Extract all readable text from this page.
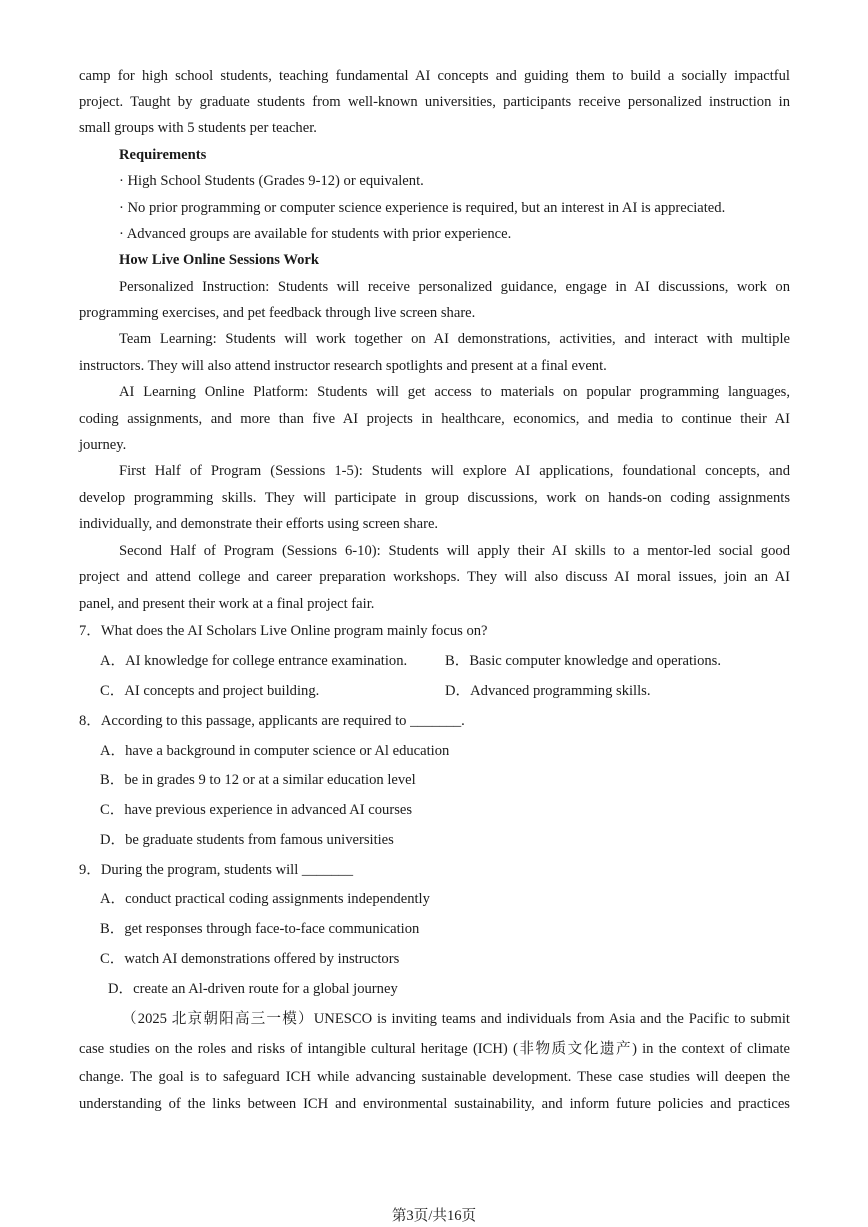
camp for high school students, teaching fundamental AI concepts and guiding them to build a socially impactful
project. Taught by graduate students from well-known universities, participants receive personalized instruction in
small groups with 5 students per teacher.
Requirements
· High School Students (Grades 9-12) or equivalent.
· No prior programming or computer science experience is required, but an interest in AI is appreciated.
· Advanced groups are available for students with prior experience.
How Live Online Sessions Work
Personalized Instruction: Students will receive personalized guidance, engage in AI discussions, work on
programming exercises, and pet feedback through live screen share.
Team Learning: Students will work together on AI demonstrations, activities, and interact with multiple
instructors. They will also attend instructor research spotlights and present at a final event.
AI Learning Online Platform: Students will get access to materials on popular programming languages,
coding assignments, and more than five AI projects in healthcare, economics, and media to continue their AI
journey.
First Half of Program (Sessions 1-5): Students will explore AI applications, foundational concepts, and
develop programming skills. They will participate in group discussions, work on hands-on coding assignments
individually, and demonstrate their efforts using screen share.
Second Half of Program (Sessions 6-10): Students will apply their AI skills to a mentor-led social good
project and attend college and career preparation workshops. They will also discuss AI moral issues, join an AI
panel, and present their work at a final project fair.
7．What does the AI Scholars Live Online program mainly focus on?
A．AI knowledge for college entrance examination.	B．Basic computer knowledge and operations.
C．AI concepts and project building.	D．Advanced programming skills.
8．According to this passage, applicants are required to _______.
A．have a background in computer science or Al education
B．be in grades 9 to 12 or at a similar education level
C．have previous experience in advanced AI courses
D．be graduate students from famous universities
9．During the program, students will _______
A．conduct practical coding assignments independently
B．get responses through face-to-face communication
C．watch AI demonstrations offered by instructors
D．create an Al-driven route for a global journey
（2025 北京朝阳高三一模）UNESCO is inviting teams and individuals from Asia and the Pacific to submit
case studies on the roles and risks of intangible cultural heritage (ICH) (非物质文化遗产) in the context of climate
change. The goal is to safeguard ICH while advancing sustainable development. These case studies will deepen the
understanding of the links between ICH and environmental sustainability, and inform future policies and practices
第3页/共16页
